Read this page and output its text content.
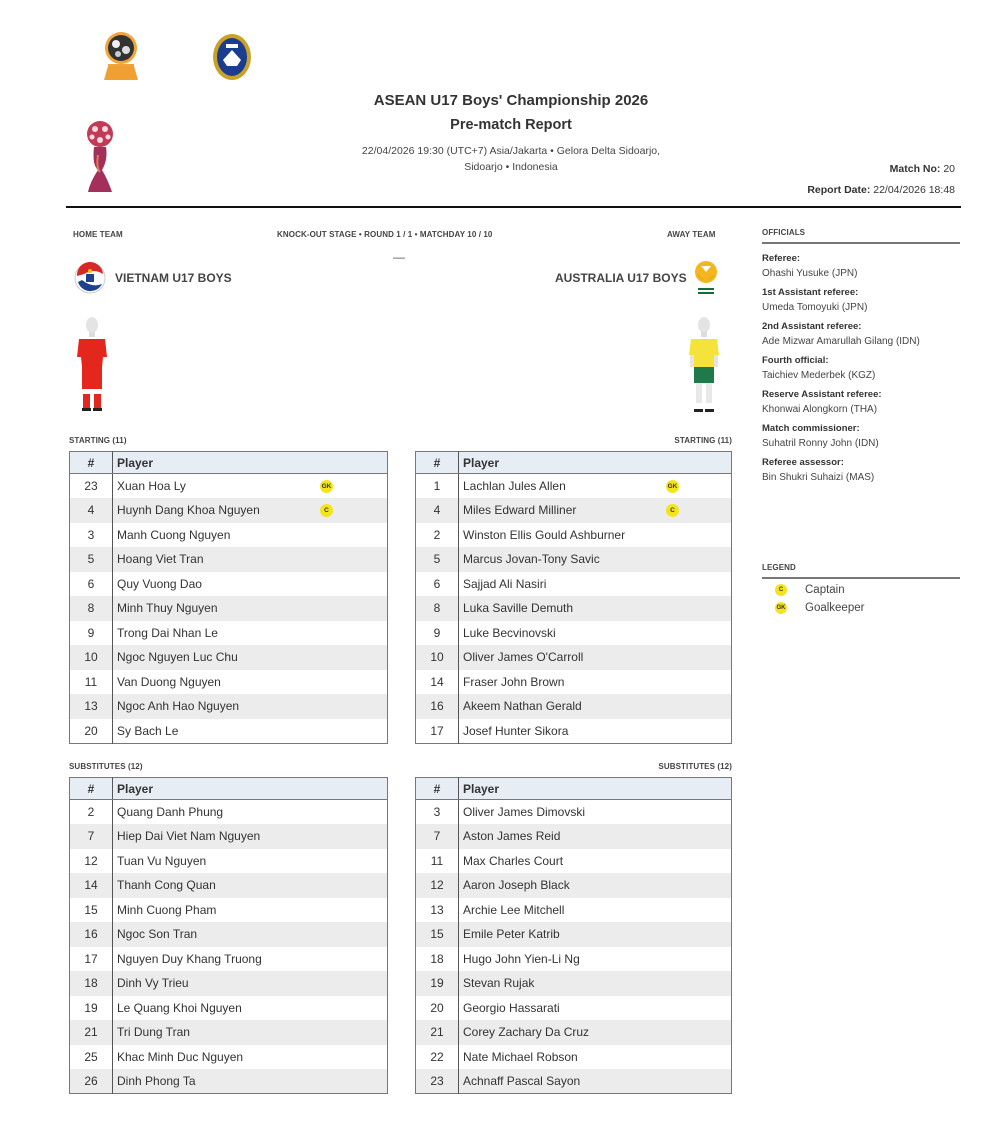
ASEAN U17 Boys' Championship 2026
Pre-match Report
22/04/2026 19:30 (UTC+7) Asia/Jakarta • Gelora Delta Sidoarjo,
Sidoarjo • Indonesia	Match No: 20
Report Date: 22/04/2026 18:48
HOME TEAM	KNOCK-OUT STAGE • ROUND 1 / 1 • MATCHDAY 10 / 10	AWAY TEAM
—
VIETNAM U17 BOYS	AUSTRALIA U17 BOYS
STARTING (11)	STARTING (11)
SUBSTITUTES (12)	SUBSTITUTES (12)
#	Player
23	Xuan Hoa Ly GK

4	Huynh Dang Khoa Nguyen C

3	Manh Cuong Nguyen
5	Hoang Viet Tran
6	Quy Vuong Dao
8	Minh Thuy Nguyen
9	Trong Dai Nhan Le
10	Ngoc Nguyen Luc Chu
11	Van Duong Nguyen
13	Ngoc Anh Hao Nguyen
20	Sy Bach Le
#	Player
1	Lachlan Jules Allen GK

4	Miles Edward Milliner C

2	Winston Ellis Gould Ashburner
5	Marcus Jovan-Tony Savic
6	Sajjad Ali Nasiri
8	Luka Saville Demuth
9	Luke Becvinovski
10	Oliver James O'Carroll
14	Fraser John Brown
16	Akeem Nathan Gerald
17	Josef Hunter Sikora
#	Player
2	Quang Danh Phung
7	Hiep Dai Viet Nam Nguyen
12	Tuan Vu Nguyen
14	Thanh Cong Quan
15	Minh Cuong Pham
16	Ngoc Son Tran
17	Nguyen Duy Khang Truong
18	Dinh Vy Trieu
19	Le Quang Khoi Nguyen
21	Tri Dung Tran
25	Khac Minh Duc Nguyen
26	Dinh Phong Ta
#	Player
3	Oliver James Dimovski
7	Aston James Reid
11	Max Charles Court
12	Aaron Joseph Black
13	Archie Lee Mitchell
15	Emile Peter Katrib
18	Hugo John Yien-Li Ng
19	Stevan Rujak
20	Georgio Hassarati
21	Corey Zachary Da Cruz
22	Nate Michael Robson
23	Achnaff Pascal Sayon
OFFICIALS
Referee:
Ohashi Yusuke (JPN)
1st Assistant referee:
Umeda Tomoyuki (JPN)
2nd Assistant referee:
Ade Mizwar Amarullah Gilang (IDN)
Fourth official:
Taichiev Mederbek (KGZ)
Reserve Assistant referee:
Khonwai Alongkorn (THA)
Match commissioner:
Suhatril Ronny John (IDN)
Referee assessor:
Bin Shukri Suhaizi (MAS)
LEGEND
C	Captain
GK Goalkeeper
